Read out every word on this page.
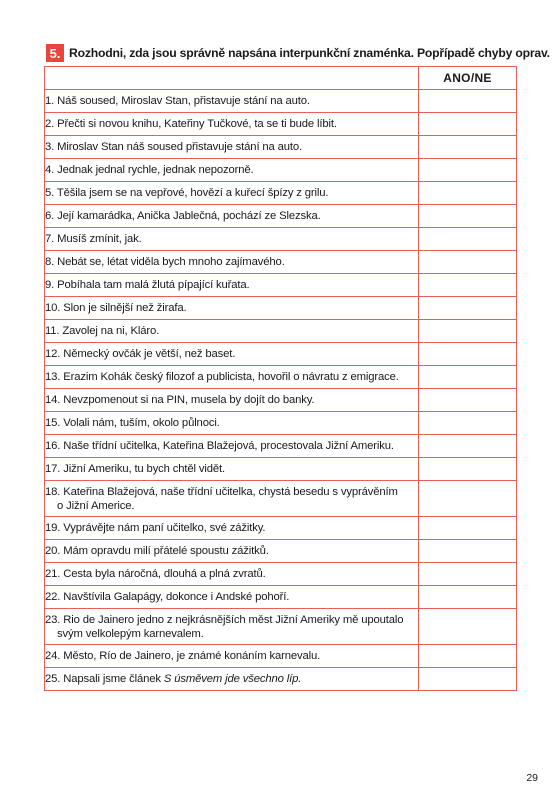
5. Rozhodni, zda jsou správně napsána interpunkční znaménka. Popřípadě chyby oprav.
	ANO/NE
1. Náš soused, Miroslav Stan, přistavuje stání na auto.	
2. Přečti si novou knihu, Kateřiny Tučkové, ta se ti bude líbit.	
3. Miroslav Stan náš soused přistavuje stání na auto.	
4. Jednak jednal rychle, jednak nepozorně.	
5. Těšila jsem se na vepřové, hovězí a kuřecí špízy z grilu.	
6. Její kamarádka, Anička Jablečná, pochází ze Slezska.	
7. Musíš zmínit, jak.	
8. Nebát se, létat viděla bych mnoho zajímavého.	
9. Pobíhala tam malá žlutá pípající kuřata.	
10. Slon je silnější než žirafa.	
11. Zavolej na ni, Kláro.	
12. Německý ovčák je větší, než baset.	
13. Erazim Kohák český filozof a publicista, hovořil o návratu z emigrace.	
14. Nevzpomenout si na PIN, musela by dojít do banky.	
15. Volali nám, tuším, okolo půlnoci.	
16. Naše třídní učitelka, Kateřina Blažejová, procestovala Jižní Ameriku.	
17. Jižní Ameriku, tu bych chtěl vidět.	
18. Kateřina Blažejová, naše třídní učitelka, chystá besedu s vyprávěním
o Jižní Americe.	
19. Vyprávějte nám paní učitelko, své zážitky.	
20. Mám opravdu milí přátelé spoustu zážitků.	
21. Cesta byla náročná, dlouhá a plná zvratů.	
22. Navštívila Galapágy, dokonce i Andské pohoří.	
23. Rio de Jainero jedno z nejkrásnějších měst Jižní Ameriky mě upoutalo
svým velkolepým karnevalem.	
24. Město, Río de Jainero, je známé konáním karnevalu.	
25. Napsali jsme článek S úsměvem jde všechno líp.	
29
